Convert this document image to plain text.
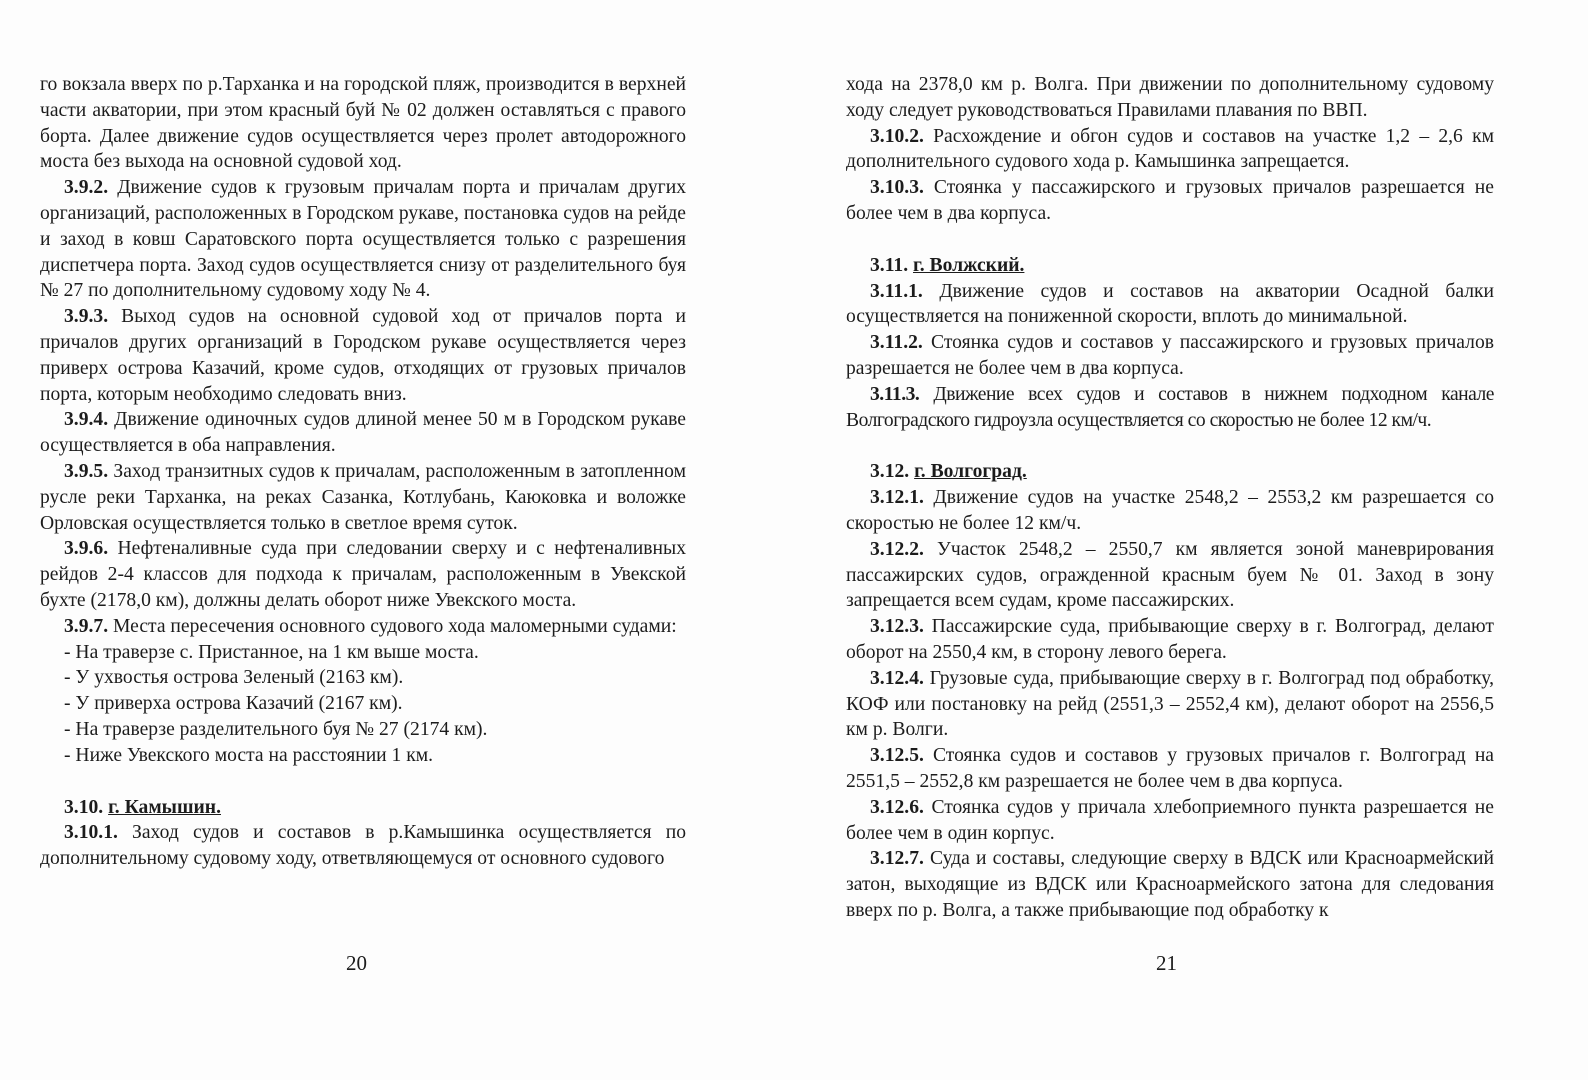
го вокзала вверх по р.Тарханка и на городской пляж, производится в верхней части акватории, при этом красный буй № 02 должен оставляться с правого борта. Далее движение судов осуществляется через пролет автодорожного моста без выхода на основной судовой ход.

3.9.2. Движение судов к грузовым причалам порта и причалам других организаций, расположенных в Городском рукаве, постановка судов на рейде и заход в ковш Саратовского порта осуществляется только с разрешения диспетчера порта. Заход судов осуществляется снизу от разделительного буя № 27 по дополнительному судовому ходу № 4.

3.9.3. Выход судов на основной судовой ход от причалов порта и причалов других организаций в Городском рукаве осуществляется через приверх острова Казачий, кроме судов, отходящих от грузовых причалов порта, которым необходимо следовать вниз.

3.9.4. Движение одиночных судов длиной менее 50 м в Городском рукаве осуществляется в оба направления.

3.9.5. Заход транзитных судов к причалам, расположенным в затопленном русле реки Тарханка, на реках Сазанка, Котлубань, Каюковка и воложке Орловская осуществляется только в светлое время суток.

3.9.6. Нефтеналивные суда при следовании сверху и с нефтеналивных рейдов 2-4 классов для подхода к причалам, расположенным в Увекской бухте (2178,0 км), должны делать оборот ниже Увекского моста.

3.9.7. Места пересечения основного судового хода маломерными судами:

- На траверзе с. Пристанное, на 1 км выше моста.

- У ухвостья острова Зеленый (2163 км).

- У приверха острова Казачий (2167 км).

- На траверзе разделительного буя № 27 (2174 км).

- Ниже Увекского моста на расстоянии 1 км.

3.10. г. Камышин.

3.10.1. Заход судов и составов в р.Камышинка осуществляется по дополнительному судовому ходу, ответвляющемуся от основного судового

20

хода на 2378,0 км р. Волга. При движении по дополнительному судовому ходу следует руководствоваться Правилами плавания по ВВП.

3.10.2. Расхождение и обгон судов и составов на участке 1,2 – 2,6 км дополнительного судового хода р. Камышинка запрещается.

3.10.3. Стоянка у пассажирского и грузовых причалов разрешается не более чем в два корпуса.

3.11. г. Волжский.

3.11.1. Движение судов и составов на акватории Осадной балки осуществляется на пониженной скорости, вплоть до минимальной.

3.11.2. Стоянка судов и составов у пассажирского и грузовых причалов разрешается не более чем в два корпуса.

3.11.3. Движение всех судов и составов в нижнем подходном канале Волгоградского гидроузла осуществляется со скоростью не более 12 км/ч.

3.12. г. Волгоград.

3.12.1. Движение судов на участке 2548,2 – 2553,2 км разрешается со скоростью не более 12 км/ч.

3.12.2. Участок 2548,2 – 2550,7 км является зоной маневрирования пассажирских судов, огражденной красным буем № 01. Заход в зону запрещается всем судам, кроме пассажирских.

3.12.3. Пассажирские суда, прибывающие сверху в г. Волгоград, делают оборот на 2550,4 км, в сторону левого берега.

3.12.4. Грузовые суда, прибывающие сверху в г. Волгоград под обработку, КОФ или постановку на рейд (2551,3 – 2552,4 км), делают оборот на 2556,5 км р. Волги.

3.12.5. Стоянка судов и составов у грузовых причалов г. Волгоград на 2551,5 – 2552,8 км разрешается не более чем в два корпуса.

3.12.6. Стоянка судов у причала хлебоприемного пункта разрешается не более чем в один корпус.

3.12.7. Суда и составы, следующие сверху в ВДСК или Красноармейский затон, выходящие из ВДСК или Красноармейского затона для следования вверх по р. Волга, а также прибывающие под обработку к

21
